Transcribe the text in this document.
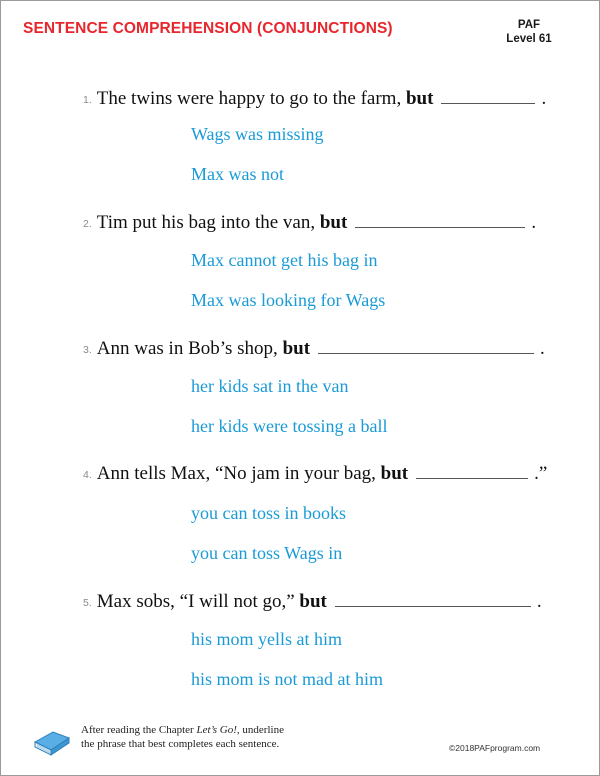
SENTENCE COMPREHENSION (CONJUNCTIONS)	PAF
Level 61
1. The twins were happy to go to the farm, but	.
Wags was missing
Max was not
2. Tim put his bag into the van, but	.
Max cannot get his bag in
Max was looking for Wags
3. Ann was in Bob’s shop, but	.
her kids sat in the van
her kids were tossing a ball
4. Ann tells Max, “No jam in your bag, but	.”
you can toss in books
you can toss Wags in
5. Max sobs, “I will not go,” but	.
his mom yells at him
his mom is not mad at him
After reading the Chapter Let’s Go!, underline
the phrase that best completes each sentence.	©2018PAFprogram.com
